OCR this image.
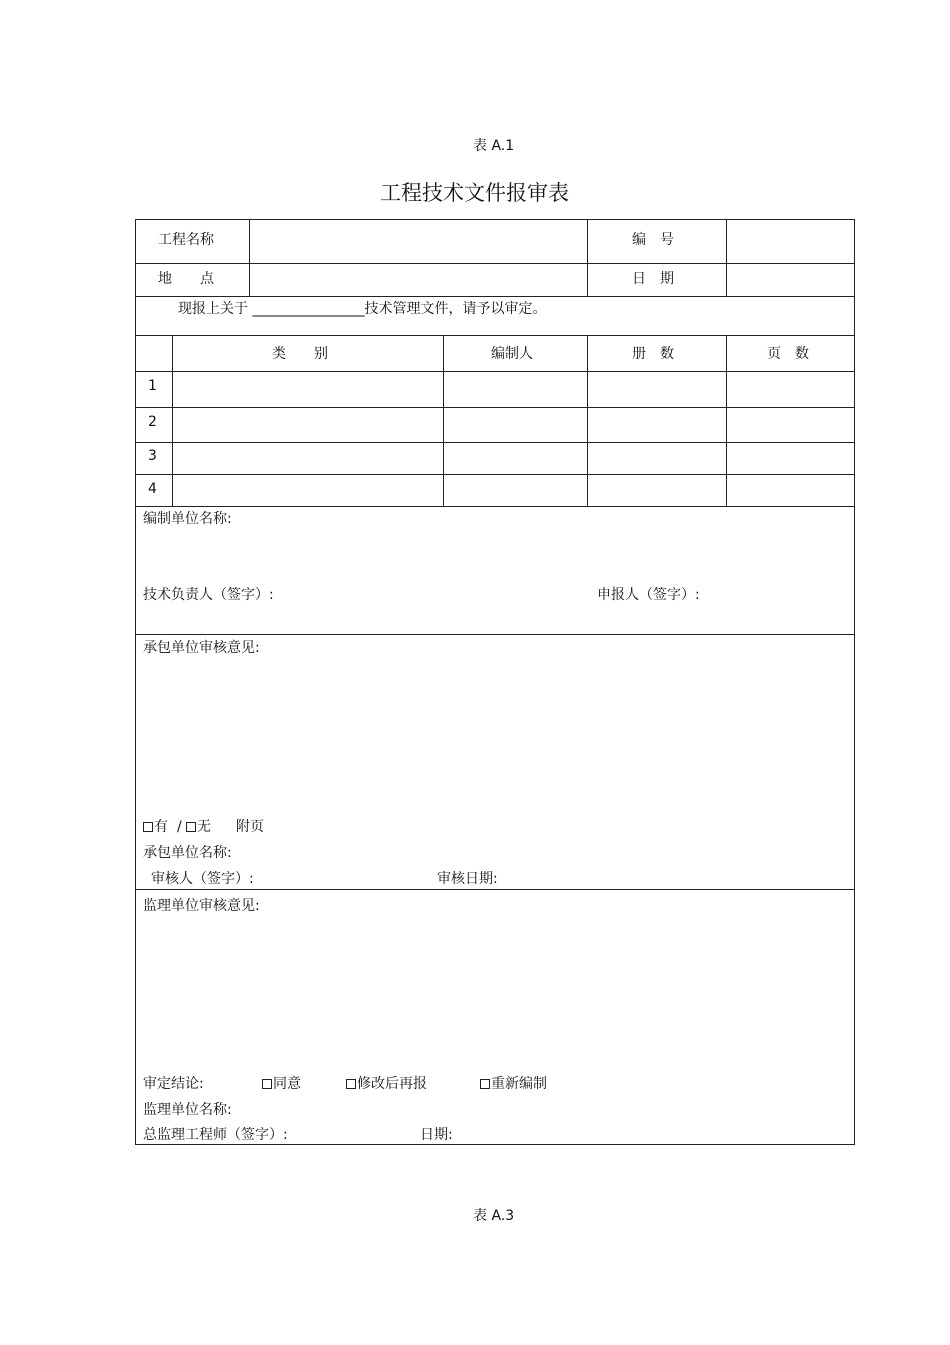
表 A.1
工程技术文件报审表
工程名称	编　号
地　　点	日　期
现报上关于 ________________技术管理文件，请予以审定。
类　　别	编制人	册　数	页　数
1
2
3
4
编制单位名称:
技术负责人（签字）:	申报人（签字）:
承包单位审核意见:
有 /	无 附页
承包单位名称:
审核人（签字）:	审核日期:
监理单位审核意见:
审定结论:	同意	修改后再报	重新编制
监理单位名称:
总监理工程师（签字）:	日期:
表 A.3
